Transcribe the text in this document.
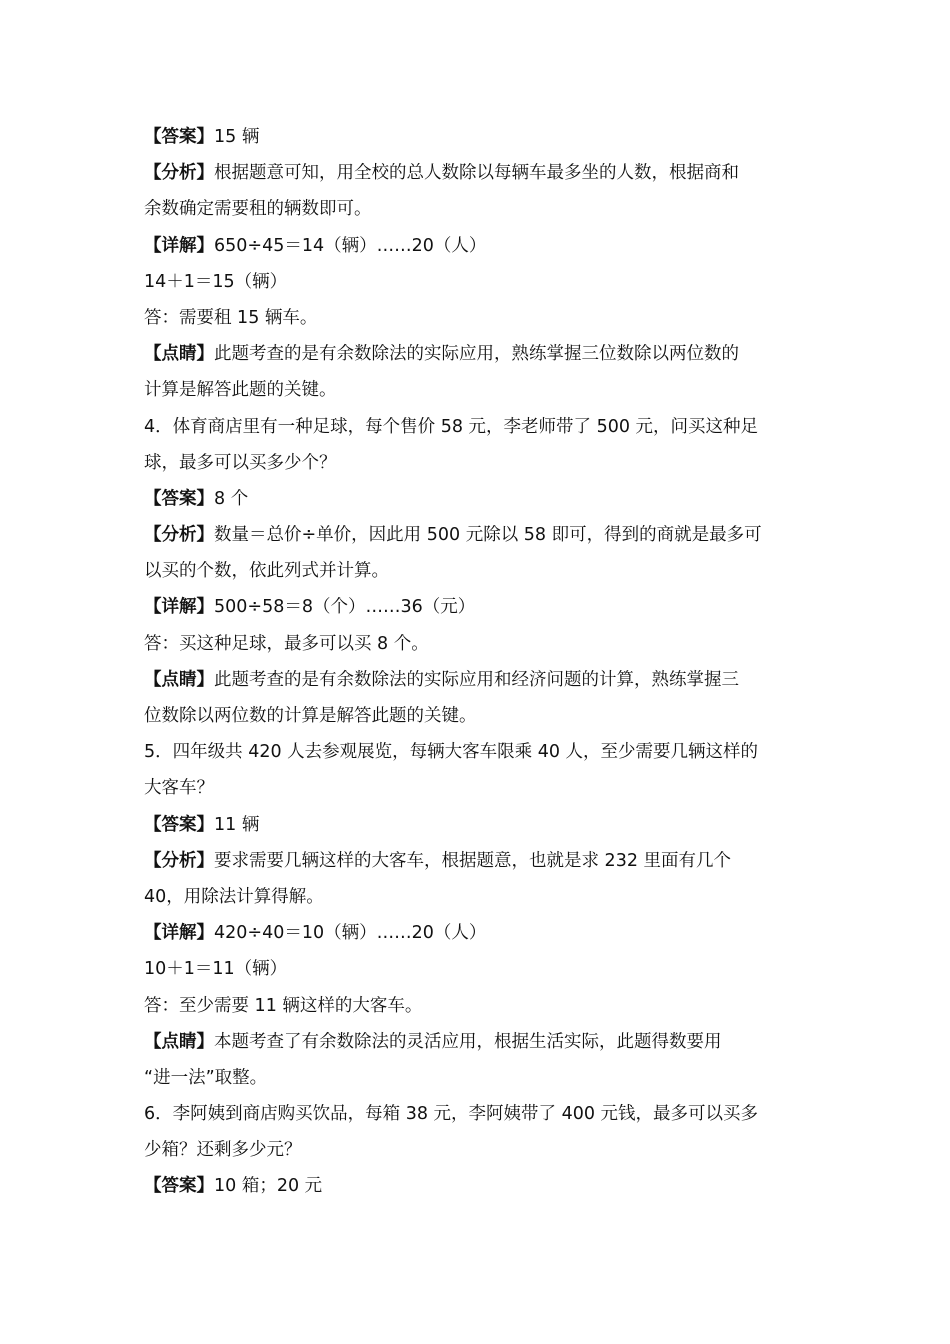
【答案】15 辆
【分析】根据题意可知，用全校的总人数除以每辆车最多坐的人数，根据商和
余数确定需要租的辆数即可。
【详解】650÷45＝14（辆）……20（人）
14＋1＝15（辆）
答：需要租 15 辆车。
【点睛】此题考查的是有余数除法的实际应用，熟练掌握三位数除以两位数的
计算是解答此题的关键。
4．体育商店里有一种足球，每个售价 58 元，李老师带了 500 元，问买这种足
球，最多可以买多少个？
【答案】8 个
【分析】数量＝总价÷单价，因此用 500 元除以 58 即可，得到的商就是最多可
以买的个数，依此列式并计算。
【详解】500÷58＝8（个）……36（元）
答：买这种足球，最多可以买 8 个。
【点睛】此题考查的是有余数除法的实际应用和经济问题的计算，熟练掌握三
位数除以两位数的计算是解答此题的关键。
5．四年级共 420 人去参观展览，每辆大客车限乘 40 人，至少需要几辆这样的
大客车？
【答案】11 辆
【分析】要求需要几辆这样的大客车，根据题意，也就是求 232 里面有几个
40，用除法计算得解。
【详解】420÷40＝10（辆）……20（人）
10＋1＝11（辆）
答：至少需要 11 辆这样的大客车。
【点睛】本题考查了有余数除法的灵活应用，根据生活实际，此题得数要用
“进一法”取整。
6．李阿姨到商店购买饮品，每箱 38 元，李阿姨带了 400 元钱，最多可以买多
少箱？还剩多少元？
【答案】10 箱；20 元
